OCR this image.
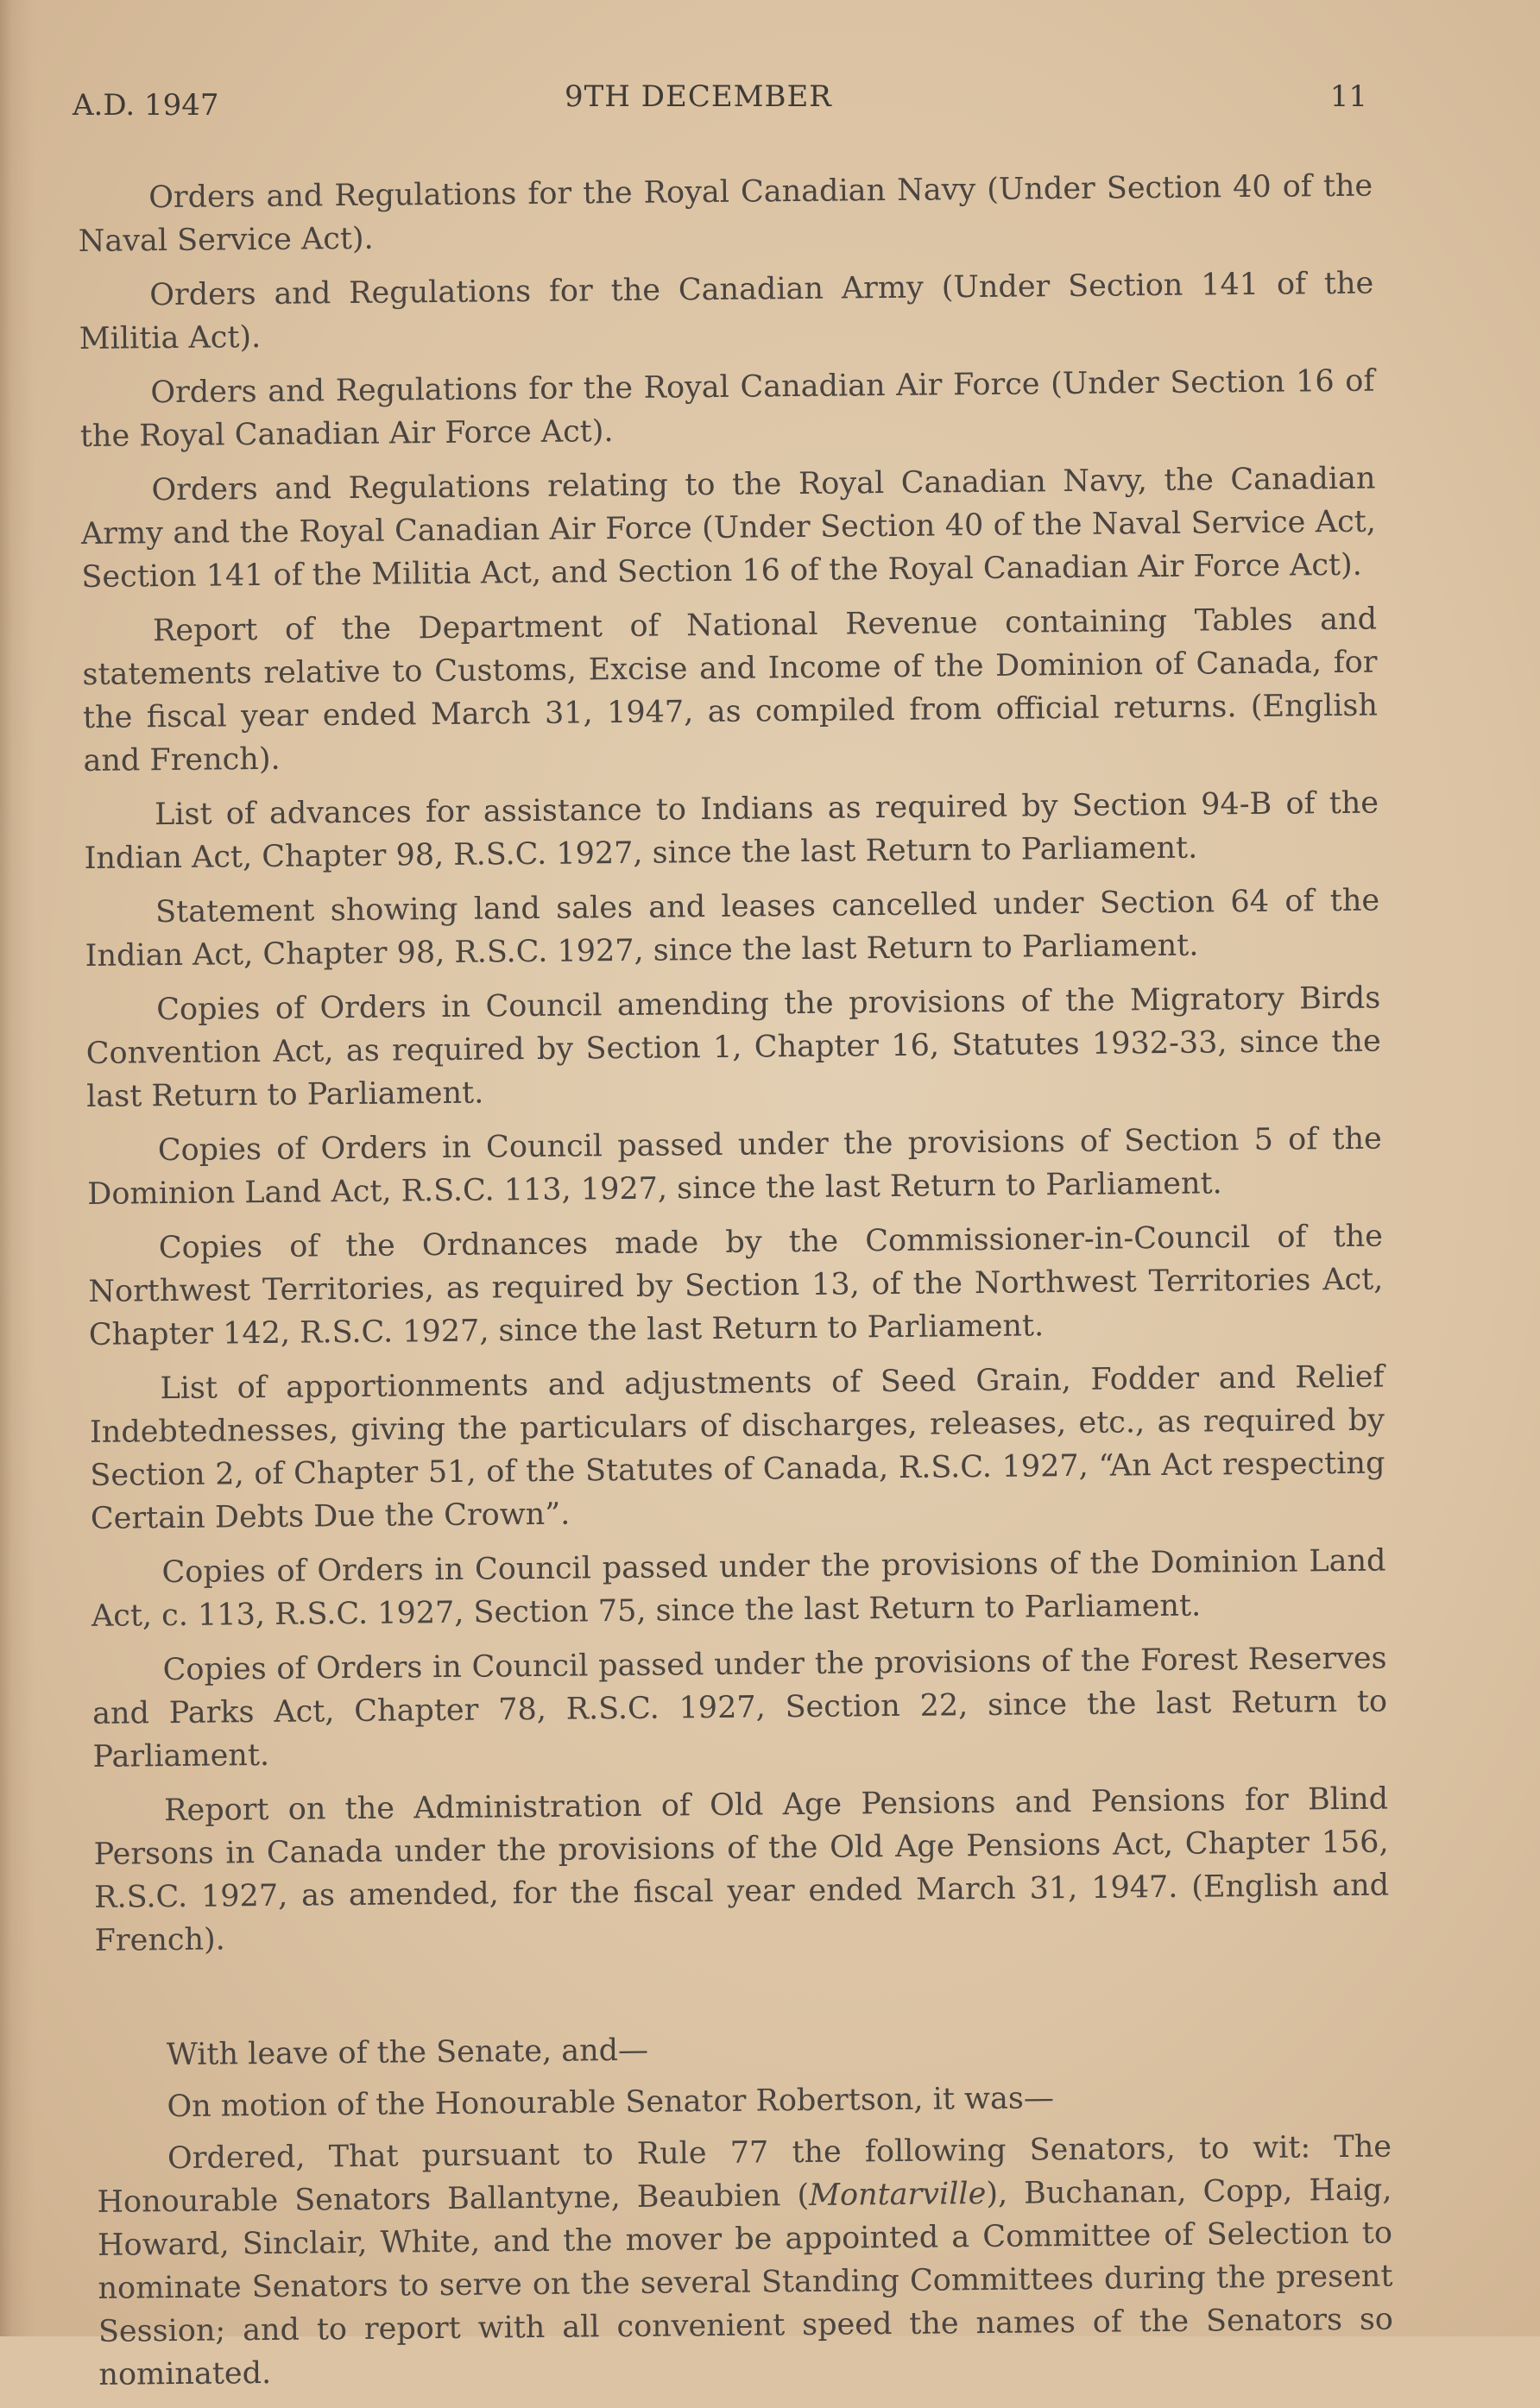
A.D. 1947	9TH DECEMBER	11

Orders and Regulations for the Royal Canadian Navy (Under Section 40 of the Naval Service Act).

Orders and Regulations for the Canadian Army (Under Section 141 of the Militia Act).

Orders and Regulations for the Royal Canadian Air Force (Under Section 16 of the Royal Canadian Air Force Act).

Orders and Regulations relating to the Royal Canadian Navy, the Canadian Army and the Royal Canadian Air Force (Under Section 40 of the Naval Service Act, Section 141 of the Militia Act, and Section 16 of the Royal Canadian Air Force Act).

Report of the Department of National Revenue containing Tables and statements relative to Customs, Excise and Income of the Dominion of Canada, for the fiscal year ended March 31, 1947, as compiled from official returns. (English and French).

List of advances for assistance to Indians as required by Section 94-B of the Indian Act, Chapter 98, R.S.C. 1927, since the last Return to Parliament.

Statement showing land sales and leases cancelled under Section 64 of the Indian Act, Chapter 98, R.S.C. 1927, since the last Return to Parliament.

Copies of Orders in Council amending the provisions of the Migratory Birds Convention Act, as required by Section 1, Chapter 16, Statutes 1932-33, since the last Return to Parliament.

Copies of Orders in Council passed under the provisions of Section 5 of the Dominion Land Act, R.S.C. 113, 1927, since the last Return to Parliament.

Copies of the Ordnances made by the Commissioner-in-Council of the Northwest Territories, as required by Section 13, of the Northwest Territories Act, Chapter 142, R.S.C. 1927, since the last Return to Parliament.

List of apportionments and adjustments of Seed Grain, Fodder and Relief Indebtednesses, giving the particulars of discharges, releases, etc., as required by Section 2, of Chapter 51, of the Statutes of Canada, R.S.C. 1927, “An Act respecting Certain Debts Due the Crown”.

Copies of Orders in Council passed under the provisions of the Dominion Land Act, c. 113, R.S.C. 1927, Section 75, since the last Return to Parliament.

Copies of Orders in Council passed under the provisions of the Forest Reserves and Parks Act, Chapter 78, R.S.C. 1927, Section 22, since the last Return to Parliament.

Report on the Administration of Old Age Pensions and Pensions for Blind Persons in Canada under the provisions of the Old Age Pensions Act, Chapter 156, R.S.C. 1927, as amended, for the fiscal year ended March 31, 1947. (English and French).

With leave of the Senate, and—

On motion of the Honourable Senator Robertson, it was—

Ordered, That pursuant to Rule 77 the following Senators, to wit: The Honourable Senators Ballantyne, Beaubien (Montarville), Buchanan, Copp, Haig, Howard, Sinclair, White, and the mover be appointed a Committee of Selection to nominate Senators to serve on the several Standing Committees during the present Session; and to report with all convenient speed the names of the Senators so nominated.
